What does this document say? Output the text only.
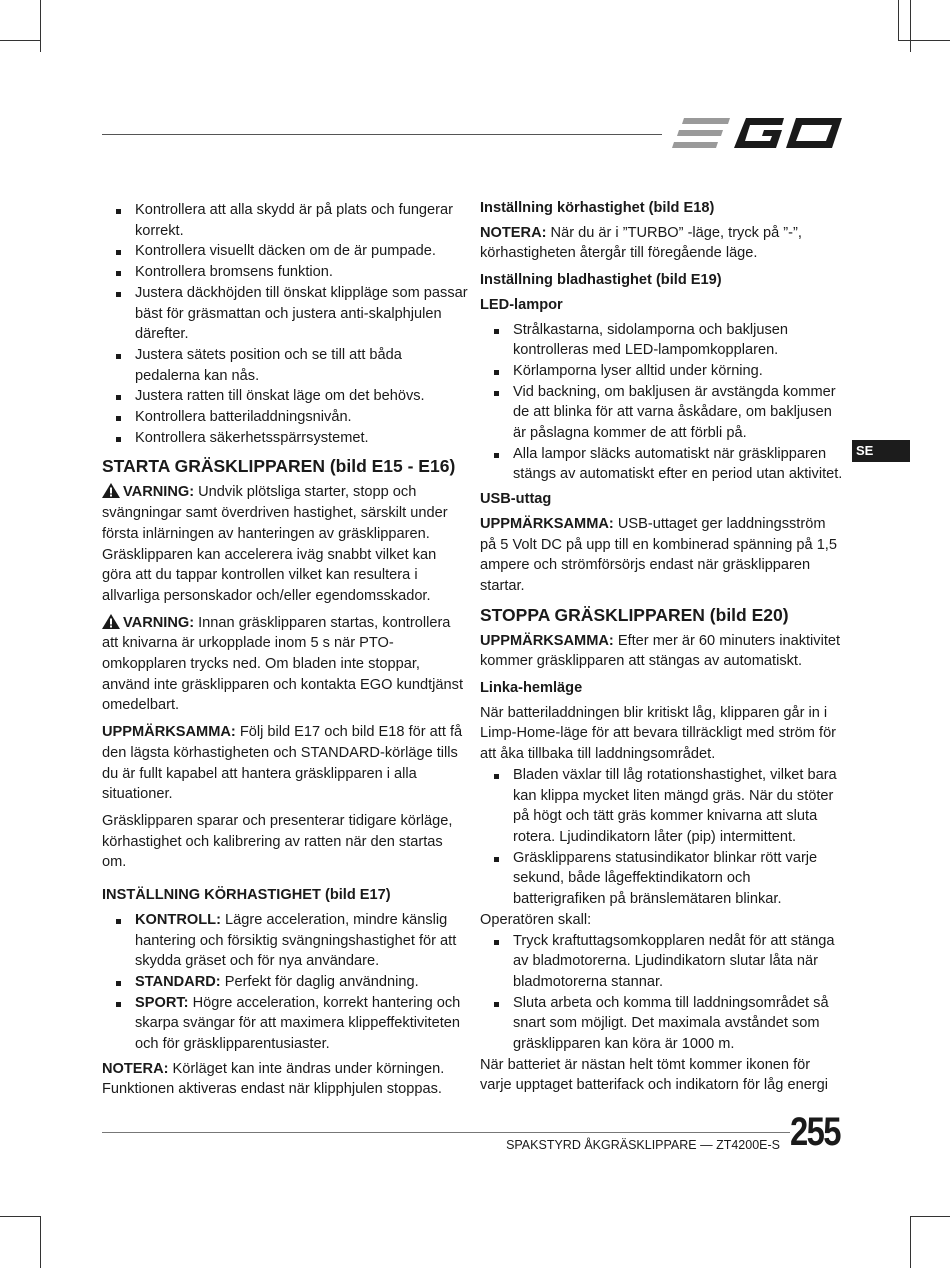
Kontrollera att alla skydd är på plats och fungerar korrekt.
Kontrollera visuellt däcken om de är pumpade.
Kontrollera bromsens funktion.
Justera däckhöjden till önskat klippläge som passar bäst för gräsmattan och justera anti-skalphjulen därefter.
Justera sätets position och se till att båda pedalerna kan nås.
Justera ratten till önskat läge om det behövs.
Kontrollera batteriladdningsnivån.
Kontrollera säkerhetsspärrsystemet.
STARTA GRÄSKLIPPAREN (bild E15 - E16)

VARNING: Undvik plötsliga starter, stopp och svängningar samt överdriven hastighet, särskilt under första inlärningen av hanteringen av gräsklipparen. Gräsklipparen kan accelerera iväg snabbt vilket kan göra att du tappar kontrollen vilket kan resultera i allvarliga personskador och/eller egendomsskador.

VARNING: Innan gräsklipparen startas, kontrollera att knivarna är urkopplade inom 5 s när PTO-omkopplaren trycks ned. Om bladen inte stoppar, använd inte gräsklipparen och kontakta EGO kundtjänst omedelbart.

UPPMÄRKSAMMA: Följ bild E17 och bild E18 för att få den lägsta körhastigheten och STANDARD-körläge tills du är fullt kapabel att hantera gräsklipparen i alla situationer.

Gräsklipparen sparar och presenterar tidigare körläge, körhastighet och kalibrering av ratten när den startas om.

INSTÄLLNING KÖRHASTIGHET (bild E17)
KONTROLL: Lägre acceleration, mindre känslig hantering och försiktig svängningshastighet för att skydda gräset och för nya användare.
STANDARD: Perfekt för daglig användning.
SPORT: Högre acceleration, korrekt hantering och skarpa svängar för att maximera klippeffektiviteten och för gräsklipparentusiaster.

NOTERA: Körläget kan inte ändras under körningen. Funktionen aktiveras endast när klipphjulen stoppas.

Inställning körhastighet (bild E18)

NOTERA: När du är i ”TURBO” -läge, tryck på ”-”, körhastigheten återgår till föregående läge.

Inställning bladhastighet (bild E19)
LED-lampor
Strålkastarna, sidolamporna och bakljusen kontrolleras med LED-lampomkopplaren.
Körlamporna lyser alltid under körning.
Vid backning, om bakljusen är avstängda kommer de att blinka för att varna åskådare, om bakljusen är påslagna kommer de att förbli på.
Alla lampor släcks automatiskt när gräsklipparen stängs av automatiskt efter en period utan aktivitet.
USB-uttag

UPPMÄRKSAMMA: USB-uttaget ger laddningsström på 5 Volt DC på upp till en kombinerad spänning på 1,5 ampere och strömförsörjs endast när gräsklipparen startar.

STOPPA GRÄSKLIPPAREN (bild E20)

UPPMÄRKSAMMA: Efter mer är 60 minuters inaktivitet kommer gräsklipparen att stängas av automatiskt.

Linka-hemläge

När batteriladdningen blir kritiskt låg, klipparen går in i Limp-Home-läge för att bevara tillräckligt med ström för att åka tillbaka till laddningsområdet.

Bladen växlar till låg rotationshastighet, vilket bara kan klippa mycket liten mängd gräs. När du stöter på högt och tätt gräs kommer knivarna att sluta rotera. Ljudindikatorn låter (pip) intermittent.
Gräsklipparens statusindikator blinkar rött varje sekund, både lågeffektindikatorn och batterigrafiken på bränslemätaren blinkar.
Operatören skall:
Tryck kraftuttagsomkopplaren nedåt för att stänga av bladmotorerna. Ljudindikatorn slutar låta när bladmotorerna stannar.
Sluta arbeta och komma till laddningsområdet så snart som möjligt. Det maximala avståndet som gräsklipparen kan köra är 1000 m.

När batteriet är nästan helt tömt kommer ikonen för varje upptaget batterifack och indikatorn för låg energi

SE
SPAKSTYRD ÅKGRÄSKLIPPARE — ZT4200E-S 255
